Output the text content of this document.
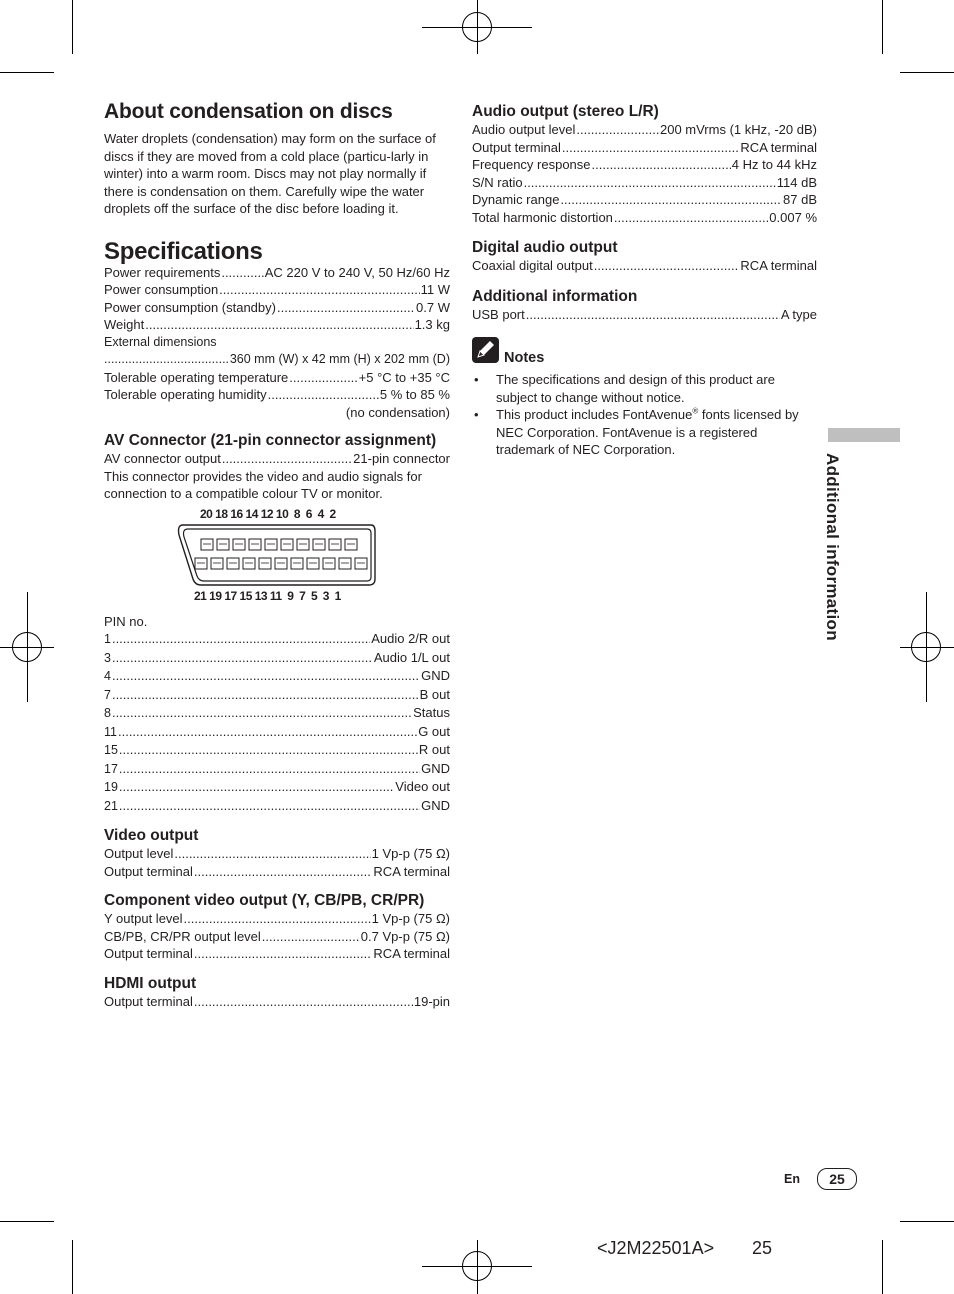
About condensation on discs
Water droplets (condensation) may form on the surface of discs if they are moved from a cold place (particu-larly in winter) into a warm room. Discs may not play normally if there is condensation on them. Carefully wipe the water droplets off the surface of the disc before loading it.
Specifications
Power requirements .....	AC 220 V to 240 V, 50 Hz/60 Hz
Power consumption .....	11 W
Power consumption (standby) .....	0.7 W
Weight .....	1.3 kg
External dimensions
.....
360 mm (W) x 42 mm (H) x 202 mm (D)
Tolerable operating temperature .....	+5 °C to +35 °C
Tolerable operating humidity .....	5 % to 85 %
(no condensation)
AV Connector (21-pin connector assignment)
AV connector output .....	21-pin connector
This connector provides the video and audio signals for connection to a compatible colour TV or monitor.
20 18 16 14 12 10  8  6  4  2
21 19 17 15 13 11  9  7  5  3  1
PIN no.
1 .....	Audio 2/R out
3 .....	Audio 1/L out
4 .....	GND
7 .....	B out
8 .....	Status
11 .....	G out
15 .....	R out
17 .....	GND
19 .....	Video out
21 .....	GND
Video output
Output level .....	1 Vp-p (75 Ω)
Output terminal .....	RCA terminal
Component video output (Y, CB/PB, CR/PR)
Y output level .....	1 Vp-p (75 Ω)
CB/PB, CR/PR output level .....	0.7 Vp-p (75 Ω)
Output terminal .....	RCA terminal
HDMI output
Output terminal .....	19-pin
Audio output (stereo L/R)
Audio output level .....	200 mVrms (1 kHz, -20 dB)
Output terminal .....	RCA terminal
Frequency response .....	4 Hz to 44 kHz
S/N ratio .....	114 dB
Dynamic range .....	87 dB
Total harmonic distortion .....	0.007 %
Digital audio output
Coaxial digital output .....	RCA terminal
Additional information
USB port .....	A type
Notes
•	The specifications and design of this product are subject to change without notice.
•	This product includes FontAvenue® fonts licensed by NEC Corporation. FontAvenue is a registered trademark of NEC Corporation.
Additional information
En	25
<J2M22501A> 25
